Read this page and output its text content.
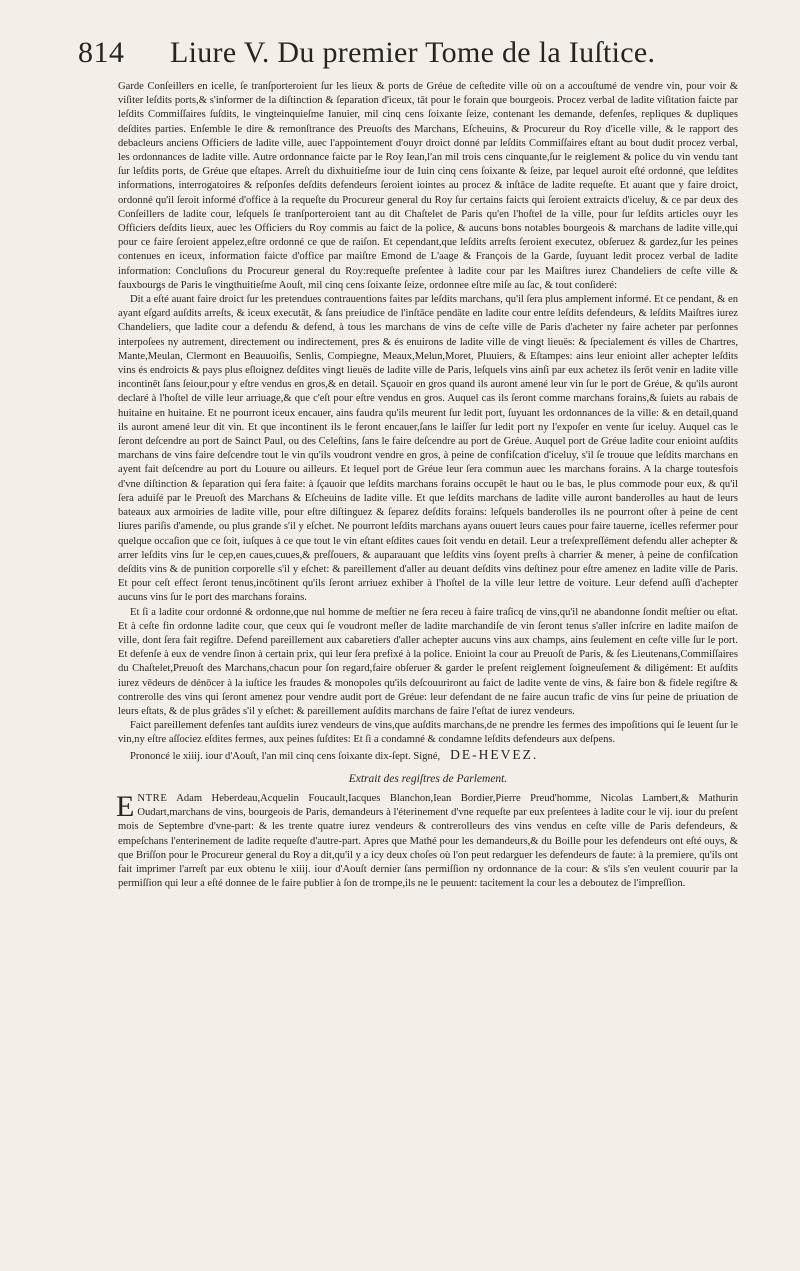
814 Liure V. Du premier Tome de la Iuſtice.

Garde Conſeillers en icelle, ſe tranſporteroient ſur les lieux & ports de Gréue de ceſtedite ville où on a accouſtumé de vendre vin, pour voir & viſiter leſdits ports,& s'informer de la diſtinction & ſeparation d'iceux, tāt pour le forain que bourgeois. Procez verbal de ladite viſitation faicte par leſdits Commiſſaires ſuſdits, le vingteinquieſme Ianuier, mil cinq cens ſoixante ſeize, contenant les demande, defenſes, repliques & dupliques deſdites parties. Enſemble le dire & remonſtrance des Preuoſts des Marchans, Eſcheuins, & Procureur du Roy d'icelle ville, & le rapport des debacleurs anciens Officiers de ladite ville, auec l'appointement d'ouyr droict donné par leſdits Commiſſaires eſtant au bout dudit procez verbal, les ordonnances de ladite ville. Autre ordonnance faicte par le Roy Iean,l'an mil trois cens cinquante,ſur le reiglement & police du vin vendu tant ſur leſdits ports, de Gréue que eſtapes. Arreſt du dixhuitieſme iour de Iuin cinq cens ſoixante & ſeize, par lequel auroit eſté ordonné, que leſdites informations, interrogatoires & reſponſes deſdits defendeurs ſeroient iointes au procez & inſtāce de ladite requeſte. Et auant que y faire droict, ordonné qu'il ſeroit informé d'office à la requeſte du Procureur general du Roy ſur certains faicts qui ſeroient extraicts d'iceluy, & ce par deux des Conſeillers de ladite cour, leſquels ſe tranſporteroient tant au dit Chaſtelet de Paris qu'en l'hoſtel de la ville, pour ſur leſdits articles ouyr les Officiers deſdits lieux, auec les Officiers du Roy commis au faict de la police, & aucuns bons notables bourgeois & marchans de ladite ville,qui pour ce faire ſeroient appelez,eſtre ordonné ce que de raiſon. Et cependant,que leſdits arreſts ſeroient executez, obſeruez & gardez,ſur les peines contenues en iceux, information faicte d'office par maiſtre Emond de L'aage & François de la Garde, ſuyuant ledit procez verbal de ladite information: Concluſions du Procureur general du Roy:requeſte preſentee à ladite cour par les Maiſtres iurez Chandeliers de ceſte ville & fauxbourgs de Paris le vingthuitieſme Aouſt, mil cinq cens ſoixante ſeize, ordonnee eſtre miſe au ſac, & tout conſideré:

Dit a eſté auant faire droict ſur les pretendues contrauentions faites par leſdits marchans, qu'il ſera plus amplement informé. Et ce pendant, & en ayant eſgard auſdits arreſts, & iceux executāt, & ſans preiudice de l'inſtāce pendāte en ladite cour entre leſdits defendeurs, & leſdits Maiſtres iurez Chandeliers, que ladite cour a defendu & defend, à tous les marchans de vins de ceſte ville de Paris d'acheter ny faire acheter par perſonnes interpoſees ny autrement, directement ou indirectement, pres & és enuirons de ladite ville de vingt lieuës: & ſpecialement és villes de Chartres, Mante,Meulan, Clermont en Beauuoiſis, Senlis, Compiegne, Meaux,Melun,Moret, Pluuiers, & Eſtampes: ains leur enioint aller achepter leſdits vins és endroicts & pays plus eſloignez deſdites vingt lieuës de ladite ville de Paris, leſquels vins ainſi par eux achetez ils ſerōt venir en ladite ville incontinēt ſans ſeiour,pour y eſtre vendus en gros,& en detail. Sçauoir en gros quand ils auront amené leur vin ſur le port de Gréue, & qu'ils auront declaré à l'hoſtel de ville leur arriuage,& que c'eſt pour eſtre vendus en gros. Auquel cas ils ſeront comme marchans forains,& ſuiets au rabais de huitaine en huitaine. Et ne pourront iceux encauer, ains faudra qu'ils meurent ſur ledit port, ſuyuant les ordonnances de la ville: & en detail,quand ils auront amené leur dit vin. Et que incontinent ils le feront encauer,ſans le laiſſer ſur ledit port ny l'expoſer en vente ſur iceluy. Auquel cas le ſeront deſcendre au port de Sainct Paul, ou des Celeſtins, ſans le faire deſcendre au port de Gréue. Auquel port de Gréue ladite cour enioint auſdits marchans de vins faire deſcendre tout le vin qu'ils voudront vendre en gros, à peine de confiſcation d'iceluy, s'il ſe trouue que leſdits marchans en ayent fait deſcendre au port du Louure ou ailleurs. Et lequel port de Gréue leur ſera commun auec les marchans forains. A la charge toutesfois d'vne diſtinction & ſeparation qui ſera faite: à ſçauoir que leſdits marchans forains occupēt le haut ou le bas, le plus commode pour eux, & qu'il ſera aduiſé par le Preuoſt des Marchans & Eſcheuins de ladite ville. Et que leſdits marchans de ladite ville auront banderolles au haut de leurs bateaux aux armoiries de ladite ville, pour eſtre diſtinguez & ſeparez deſdits forains: leſquels banderolles ils ne pourront oſter à peine de cent liures pariſis d'amende, ou plus grande s'il y eſchet. Ne pourront leſdits marchans ayans ouuert leurs caues pour faire tauerne, icelles refermer pour quelque occaſion que ce ſoit, iuſques à ce que tout le vin eſtant eſdites caues ſoit vendu en detail. Leur a treſexpreſſément defendu aller achepter & arrer leſdits vins ſur le cep,en caues,cuues,& preſſouers, & auparauant que leſdits vins ſoyent preſts à charrier & mener, à peine de confiſcation deſdits vins & de punition corporelle s'il y eſchet: & pareillement d'aller au deuant deſdits vins deſtinez pour eſtre amenez en ladite ville de Paris. Et pour ceſt effect ſeront tenus,incōtinent qu'ils ſeront arriuez exhiber à l'hoſtel de la ville leur lettre de voiture. Leur defend auſſi d'achepter aucuns vins ſur le port des marchans forains.

Et ſi a ladite cour ordonné & ordonne,que nul homme de meſtier ne ſera receu à faire traſicq de vins,qu'il ne abandonne ſondit meſtier ou eſtat. Et à ceſte fin ordonne ladite cour, que ceux qui ſe voudront meſler de ladite marchandiſe de vin ſeront tenus s'aller inſcrire en ladite maiſon de ville, dont ſera fait regiſtre. Defend pareillement aux cabaretiers d'aller achepter aucuns vins aux champs, ains ſeulement en ceſte ville ſur le port. Et defenſe à eux de vendre ſinon à certain prix, qui leur ſera prefixé à la police. Enioint la cour au Preuoſt de Paris, & ſes Lieutenans,Commiſſaires du Chaſtelet,Preuoſt des Marchans,chacun pour ſon regard,faire obſeruer & garder le preſent reiglement ſoigneuſement & diligément: Et auſdits iurez vēdeurs de dénōcer à la iuſtice les fraudes & monopoles qu'ils deſcouuriront au faict de ladite vente de vins, & faire bon & fidele regiſtre & contrerolle des vins qui ſeront amenez pour vendre audit port de Gréue: leur defendant de ne faire aucun trafic de vins ſur peine de priuation de leurs eſtats, & de plus grādes s'il y eſchet: & pareillement auſdits marchans de faire l'eſtat de iurez vendeurs.

Faict pareillement defenſes tant auſdits iurez vendeurs de vins,que auſdits marchans,de ne prendre les fermes des impoſitions qui ſe leuent ſur le vin,ny eſtre aſſociez eſdites fermes, aux peines ſuſdites: Et ſi a condamné & condamne leſdits defendeurs aux deſpens.

Prononcé le xiiij. iour d'Aouſt, l'an mil cinq cens ſoixante dix-ſept. Signé, DE-HEVEZ.

Extrait des regiſtres de Parlement.

ENTRE Adam Heberdeau,Acquelin Foucault,Iacques Blanchon,Iean Bordier,Pierre Preud'homme, Nicolas Lambert,& Mathurin Oudart,marchans de vins, bourgeois de Paris, demandeurs à l'éterinement d'vne requeſte par eux preſentees à ladite cour le vij. iour du preſent mois de Septembre d'vne-part: & les trente quatre iurez vendeurs & contrerolleurs des vins vendus en ceſte ville de Paris defendeurs, & empeſchans l'enterinement de ladite requeſte d'autre-part. Apres que Mathé pour les demandeurs,& du Boille pour les defendeurs ont eſté ouys, & que Briſſon pour le Procureur general du Roy a dit,qu'il y a icy deux choſes où l'on peut redarguer les defendeurs de faute: à la premiere, qu'ils ont fait imprimer l'arreſt par eux obtenu le xiiij. iour d'Aouſt dernier ſans permiſſion ny ordonnance de la cour: & s'ils s'en veulent couurir par la permiſſion qui leur a eſté donnee de le faire publier à ſon de trompe,ils ne le peuuent: tacitement la cour les a deboutez de l'impreſſion.
